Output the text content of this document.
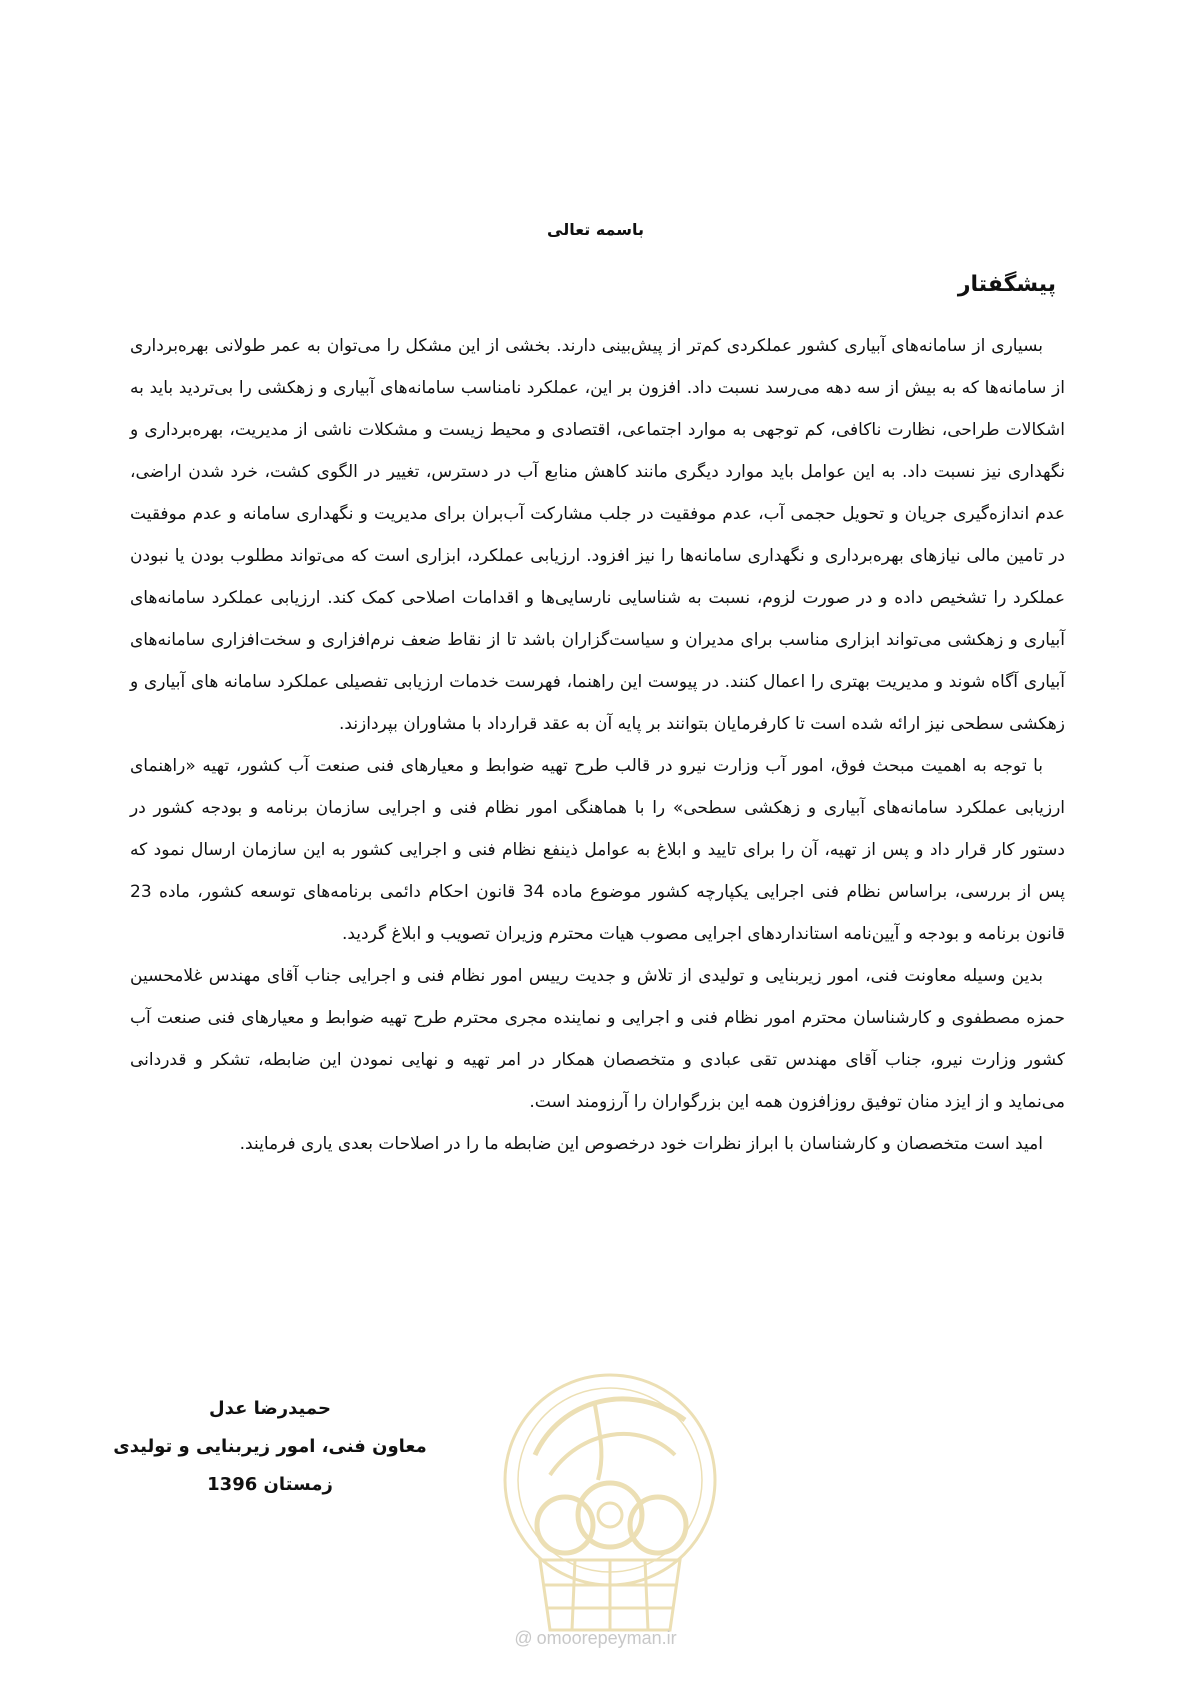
باسمه تعالی
پیشگفتار

بسیاری از سامانه‌های آبیاری کشور عملکردی کم‌تر از پیش‌بینی دارند. بخشی از این مشکل را می‌توان به عمر طولانی بهره‌برداری از سامانه‌ها که به بیش از سه دهه می‌رسد نسبت داد. افزون بر این، عملکرد نامناسب سامانه‌های آبیاری و زهکشی را بی‌تردید باید به اشکالات طراحی، نظارت ناکافی، کم توجهی به موارد اجتماعی، اقتصادی و محیط زیست و مشکلات ناشی از مدیریت، بهره‌برداری و نگهداری نیز نسبت داد. به این عوامل باید موارد دیگری مانند کاهش منابع آب در دسترس، تغییر در الگوی کشت، خرد شدن اراضی، عدم اندازه‌گیری جریان و تحویل حجمی آب، عدم موفقیت در جلب مشارکت آب‌بران برای مدیریت و نگهداری سامانه و عدم موفقیت در تامین مالی نیازهای بهره‌برداری و نگهداری سامانه‌ها را نیز افزود. ارزیابی عملکرد، ابزاری است که می‌تواند مطلوب بودن یا نبودن عملکرد را تشخیص داده و در صورت لزوم، نسبت به شناسایی نارسایی‌ها و اقدامات اصلاحی کمک کند. ارزیابی عملکرد سامانه‌های آبیاری و زهکشی می‌تواند ابزاری مناسب برای مدیران و سیاست‌گزاران باشد تا از نقاط ضعف نرم‌افزاری و سخت‌افزاری سامانه‌های آبیاری آگاه شوند و مدیریت بهتری را اعمال کنند. در پیوست این راهنما، فهرست خدمات ارزیابی تفصیلی عملکرد سامانه های آبیاری و زهکشی سطحی نیز ارائه شده است تا کارفرمایان بتوانند بر پایه آن به عقد قرارداد با مشاوران بپردازند.

با توجه به اهمیت مبحث فوق، امور آب وزارت نیرو در قالب طرح تهیه ضوابط و معیارهای فنی صنعت آب کشور، تهیه «راهنمای ارزیابی عملکرد سامانه‌های آبیاری و زهکشی سطحی» را با هماهنگی امور نظام فنی و اجرایی سازمان برنامه و بودجه کشور در دستور کار قرار داد و پس از تهیه، آن را برای تایید و ابلاغ به عوامل ذینفع نظام فنی و اجرایی کشور به این سازمان ارسال نمود که پس از بررسی، براساس نظام فنی اجرایی یکپارچه کشور موضوع ماده 34 قانون احکام دائمی برنامه‌های توسعه کشور، ماده 23 قانون برنامه و بودجه و آیین‌نامه استانداردهای اجرایی مصوب هیات محترم وزیران تصویب و ابلاغ گردید.

بدین وسیله معاونت فنی، امور زیربنایی و تولیدی از تلاش و جدیت رییس امور نظام فنی و اجرایی جناب آقای مهندس غلامحسین حمزه مصطفوی و کارشناسان محترم امور نظام فنی و اجرایی و نماینده مجری محترم طرح تهیه ضوابط و معیارهای فنی صنعت آب کشور وزارت نیرو، جناب آقای مهندس تقی عبادی و متخصصان همکار در امر تهیه و نهایی نمودن این ضابطه، تشکر و قدردانی می‌نماید و از ایزد منان توفیق روزافزون همه این بزرگواران را آرزومند است.

امید است متخصصان و کارشناسان با ابراز نظرات خود درخصوص این ضابطه ما را در اصلاحات بعدی یاری فرمایند.

حمیدرضا عدل
معاون فنی، امور زیربنایی و تولیدی
زمستان 1396
@ omoorepeyman.ir
